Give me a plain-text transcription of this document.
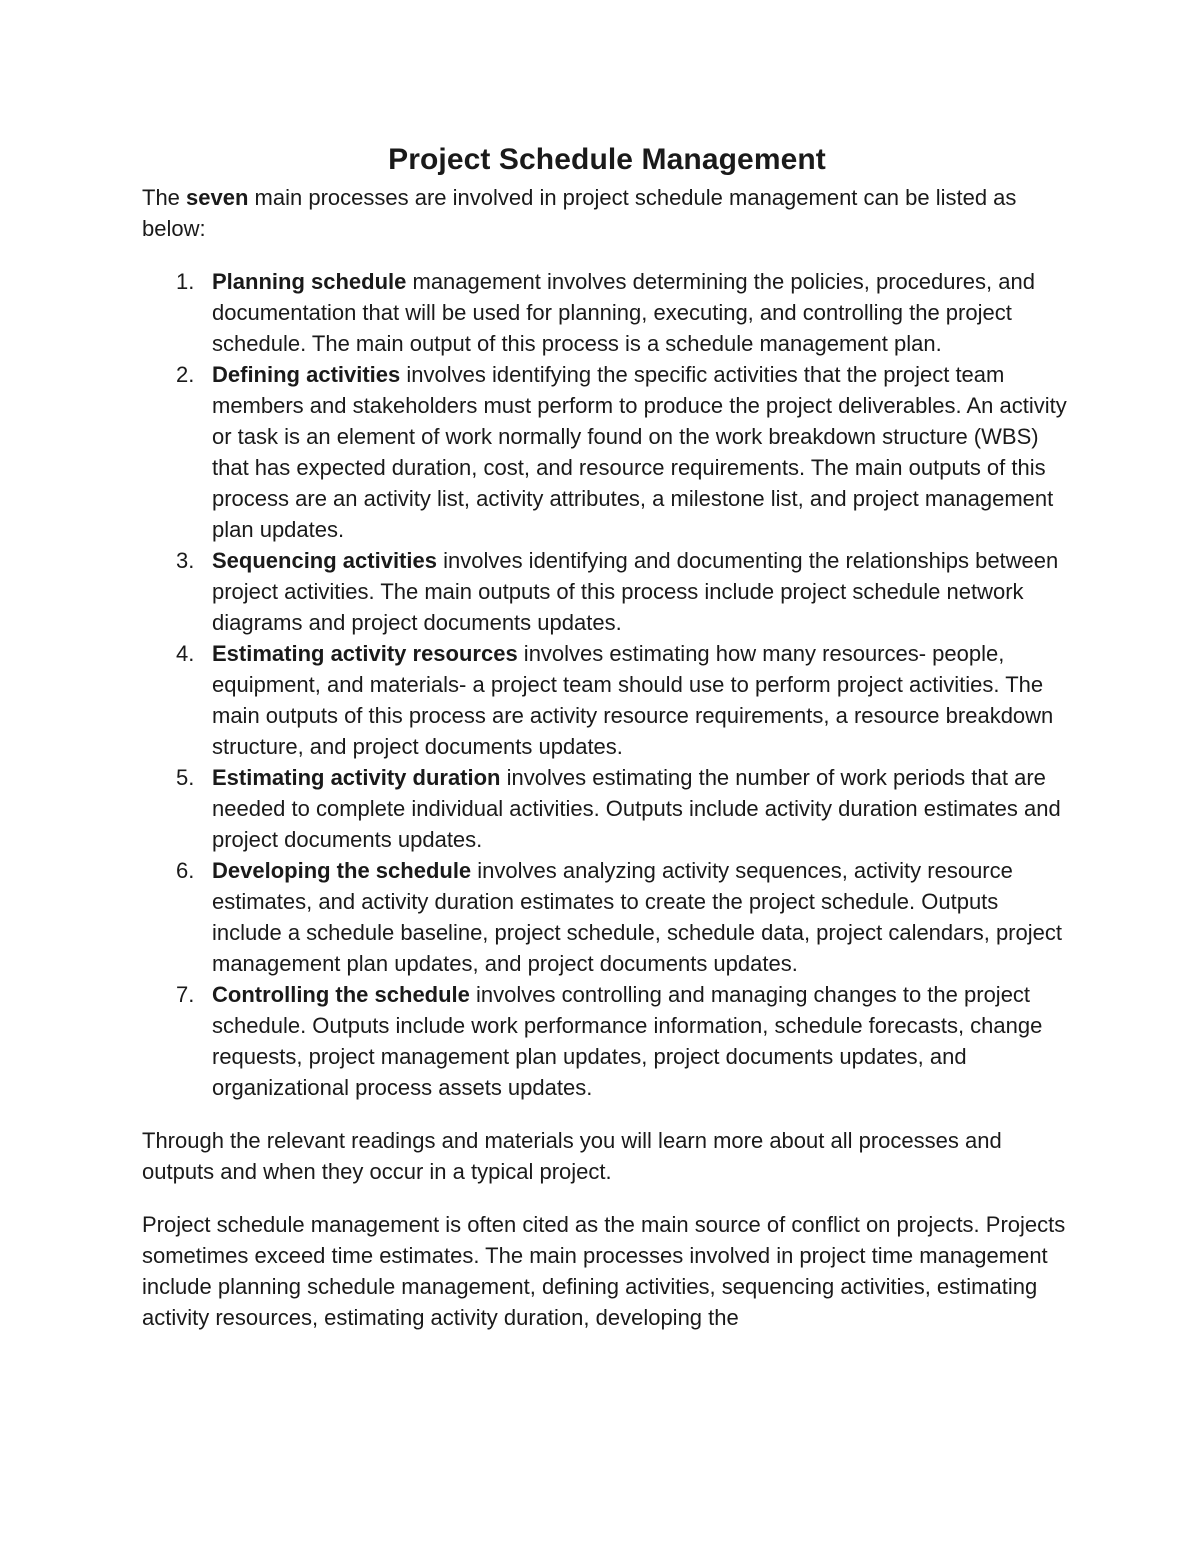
Project Schedule Management

The seven main processes are involved in project schedule management can be listed as below:

1. Planning schedule management involves determining the policies, procedures, and documentation that will be used for planning, executing, and controlling the project schedule. The main output of this process is a schedule management plan.
2. Defining activities involves identifying the specific activities that the project team members and stakeholders must perform to produce the project deliverables. An activity or task is an element of work normally found on the work breakdown structure (WBS) that has expected duration, cost, and resource requirements. The main outputs of this process are an activity list, activity attributes, a milestone list, and project management plan updates.
3. Sequencing activities involves identifying and documenting the relationships between project activities. The main outputs of this process include project schedule network diagrams and project documents updates.
4. Estimating activity resources involves estimating how many resources- people, equipment, and materials- a project team should use to perform project activities. The main outputs of this process are activity resource requirements, a resource breakdown structure, and project documents updates.
5. Estimating activity duration involves estimating the number of work periods that are needed to complete individual activities. Outputs include activity duration estimates and project documents updates.
6. Developing the schedule involves analyzing activity sequences, activity resource estimates, and activity duration estimates to create the project schedule. Outputs include a schedule baseline, project schedule, schedule data, project calendars, project management plan updates, and project documents updates.
7. Controlling the schedule involves controlling and managing changes to the project schedule. Outputs include work performance information, schedule forecasts, change requests, project management plan updates, project documents updates, and organizational process assets updates.

Through the relevant readings and materials you will learn more about all processes and outputs and when they occur in a typical project.

Project schedule management is often cited as the main source of conflict on projects. Projects sometimes exceed time estimates. The main processes involved in project time management include planning schedule management, defining activities, sequencing activities, estimating activity resources, estimating activity duration, developing the
